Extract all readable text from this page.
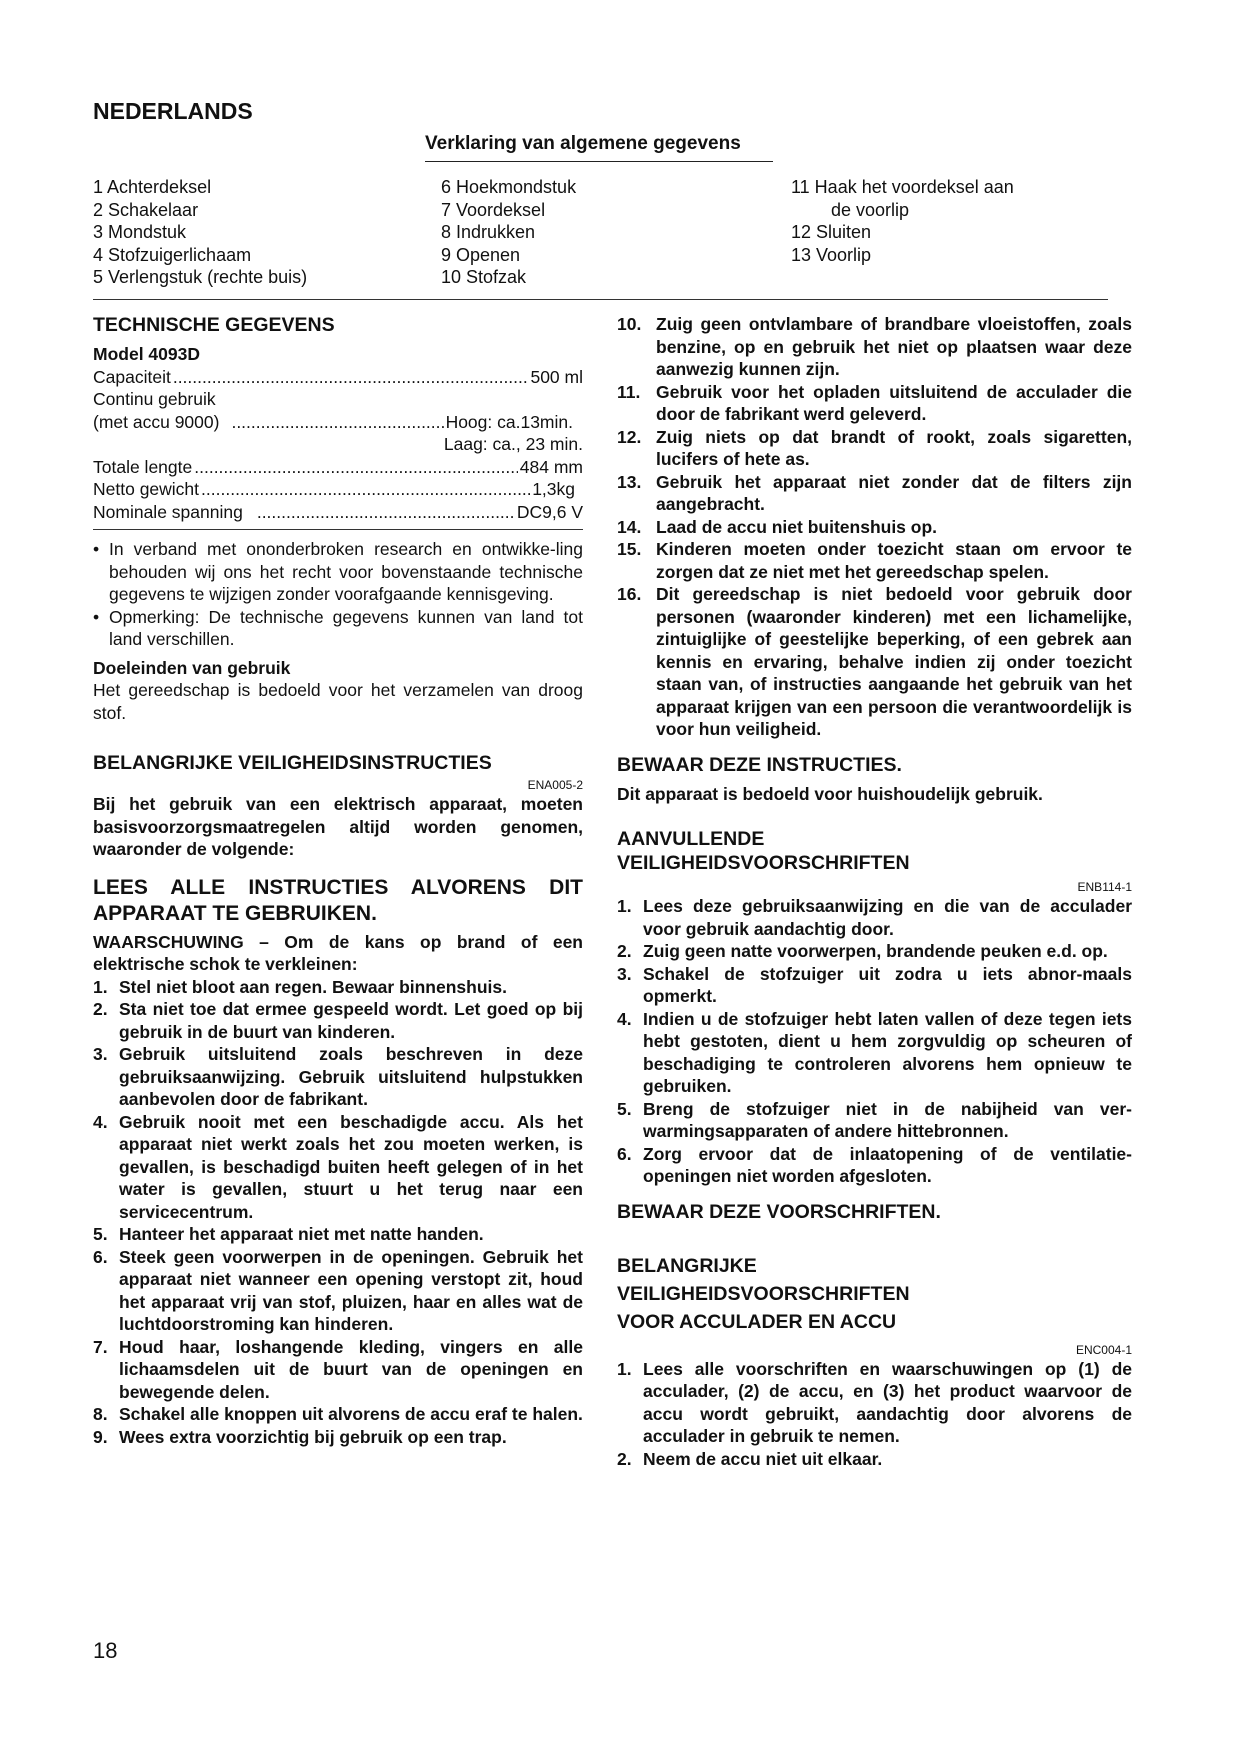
NEDERLANDS
Verklaring van algemene gegevens
1 Achterdeksel
2 Schakelaar
3 Mondstuk
4 Stofzuigerlichaam
5 Verlengstuk (rechte buis)
6 Hoekmondstuk
7 Voordeksel
8 Indrukken
9 Openen
10 Stofzak
11 Haak het voordeksel aan
de voorlip
12 Sluiten
13 Voorlip
TECHNISCHE GEGEVENS
Model 4093D
Capaciteit .....	500 ml
Continu gebruik
(met accu 9000) .....	Hoog: ca.13min.
Laag: ca., 23 min.
Totale lengte .....	484 mm
Netto gewicht .....	1,3kg
Nominale spanning .....	DC9,6 V
• In verband met ononderbroken research en ontwikke-ling behouden wij ons het recht voor bovenstaande technische gegevens te wijzigen zonder voorafgaande kennisgeving.
• Opmerking: De technische gegevens kunnen van land tot land verschillen.
Doeleinden van gebruik
Het gereedschap is bedoeld voor het verzamelen van droog stof.
BELANGRIJKE VEILIGHEIDSINSTRUCTIES
ENA005-2
Bij het gebruik van een elektrisch apparaat, moeten basisvoorzorgsmaatregelen altijd worden genomen, waaronder de volgende:
LEES ALLE INSTRUCTIES ALVORENS DIT APPARAAT TE GEBRUIKEN.
WAARSCHUWING – Om de kans op brand of een elektrische schok te verkleinen:
1. Stel niet bloot aan regen. Bewaar binnenshuis.
2. Sta niet toe dat ermee gespeeld wordt. Let goed op bij gebruik in de buurt van kinderen.
3. Gebruik uitsluitend zoals beschreven in deze gebruiksaanwijzing. Gebruik uitsluitend hulpstukken aanbevolen door de fabrikant.
4. Gebruik nooit met een beschadigde accu. Als het apparaat niet werkt zoals het zou moeten werken, is gevallen, is beschadigd buiten heeft gelegen of in het water is gevallen, stuurt u het terug naar een servicecentrum.
5. Hanteer het apparaat niet met natte handen.
6. Steek geen voorwerpen in de openingen. Gebruik het apparaat niet wanneer een opening verstopt zit, houd het apparaat vrij van stof, pluizen, haar en alles wat de luchtdoorstroming kan hinderen.
7. Houd haar, loshangende kleding, vingers en alle lichaamsdelen uit de buurt van de openingen en bewegende delen.
8. Schakel alle knoppen uit alvorens de accu eraf te halen.
9. Wees extra voorzichtig bij gebruik op een trap.
10. Zuig geen ontvlambare of brandbare vloeistoffen, zoals benzine, op en gebruik het niet op plaatsen waar deze aanwezig kunnen zijn.
11. Gebruik voor het opladen uitsluitend de acculader die door de fabrikant werd geleverd.
12. Zuig niets op dat brandt of rookt, zoals sigaretten, lucifers of hete as.
13. Gebruik het apparaat niet zonder dat de filters zijn aangebracht.
14. Laad de accu niet buitenshuis op.
15. Kinderen moeten onder toezicht staan om ervoor te zorgen dat ze niet met het gereedschap spelen.
16. Dit gereedschap is niet bedoeld voor gebruik door personen (waaronder kinderen) met een lichamelijke, zintuiglijke of geestelijke beperking, of een gebrek aan kennis en ervaring, behalve indien zij onder toezicht staan van, of instructies aangaande het gebruik van het apparaat krijgen van een persoon die verantwoordelijk is voor hun veiligheid.
BEWAAR DEZE INSTRUCTIES.
Dit apparaat is bedoeld voor huishoudelijk gebruik.
AANVULLENDE
VEILIGHEIDSVOORSCHRIFTEN
ENB114-1
1. Lees deze gebruiksaanwijzing en die van de acculader voor gebruik aandachtig door.
2. Zuig geen natte voorwerpen, brandende peuken e.d. op.
3. Schakel de stofzuiger uit zodra u iets abnor-maals opmerkt.
4. Indien u de stofzuiger hebt laten vallen of deze tegen iets hebt gestoten, dient u hem zorgvuldig op scheuren of beschadiging te controleren alvorens hem opnieuw te gebruiken.
5. Breng de stofzuiger niet in de nabijheid van ver-warmingsapparaten of andere hittebronnen.
6. Zorg ervoor dat de inlaatopening of de ventilatie-openingen niet worden afgesloten.
BEWAAR DEZE VOORSCHRIFTEN.
BELANGRIJKE
VEILIGHEIDSVOORSCHRIFTEN
VOOR ACCULADER EN ACCU
ENC004-1
1. Lees alle voorschriften en waarschuwingen op (1) de acculader, (2) de accu, en (3) het product waarvoor de accu wordt gebruikt, aandachtig door alvorens de acculader in gebruik te nemen.
2. Neem de accu niet uit elkaar.
18
